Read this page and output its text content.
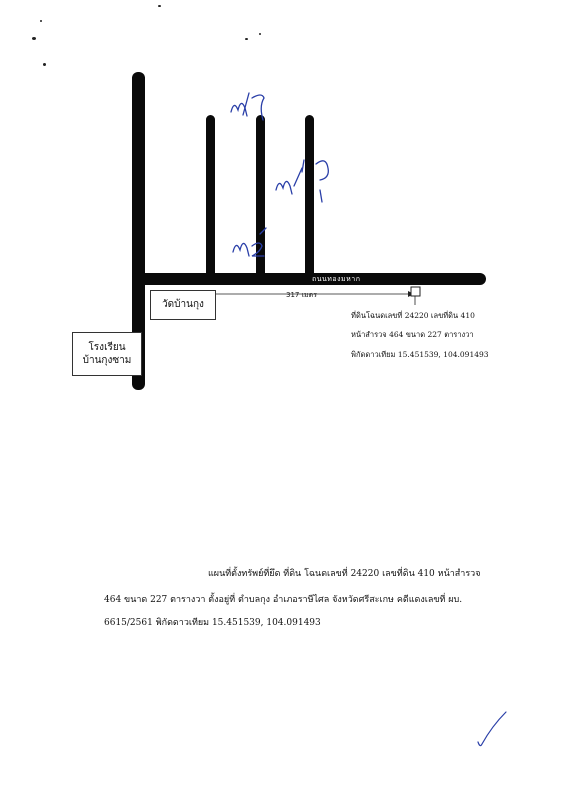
ถนนทองมหาก
วัดบ้านกุง
โรงเรียน
บ้านกุงซาม
317 เมตร
ที่ดินโฉนดเลขที่ 24220 เลขที่ดิน 410
หน้าสำรวจ 464 ขนาด 227 ตารางวา
พิกัดดาวเทียม 15.451539, 104.091493
แผนที่ตั้งทรัพย์ที่ยึด ที่ดิน โฉนดเลขที่ 24220 เลขที่ดิน 410 หน้าสำรวจ
464 ขนาด 227 ตารางวา ตั้งอยู่ที่ ตำบลกุง อำเภอราษีไศล จังหวัดศรีสะเกษ คดีแดงเลขที่ ผบ.
6615/2561 พิกัดดาวเทียม 15.451539, 104.091493
